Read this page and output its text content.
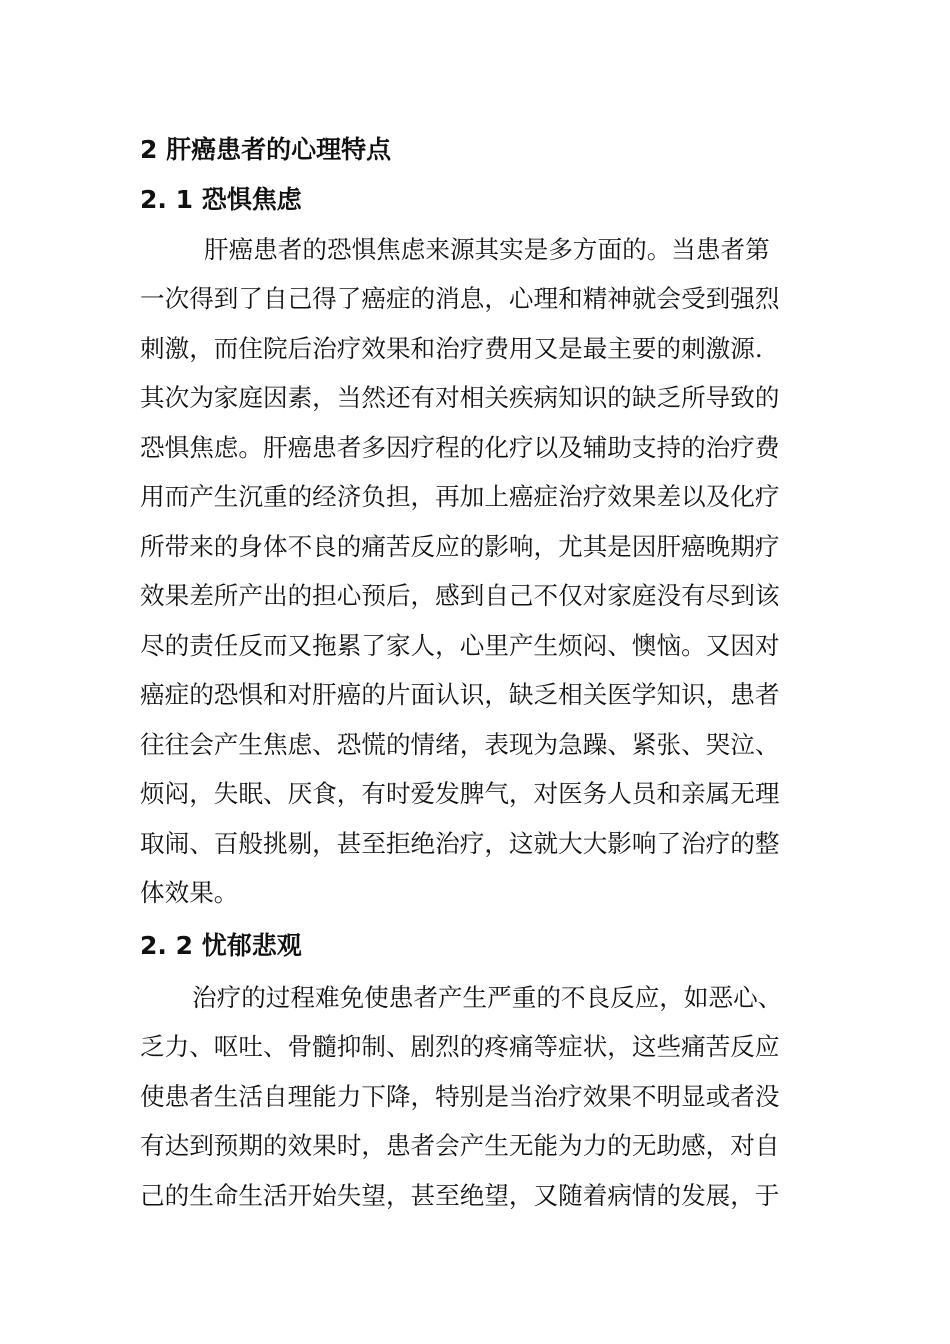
2 肝癌患者的心理特点
2. 1 恐惧焦虑
肝癌患者的恐惧焦虑来源其实是多方面的。当患者第
一次得到了自己得了癌症的消息，心理和精神就会受到强烈
刺激，而住院后治疗效果和治疗费用又是最主要的刺激源.
其次为家庭因素，当然还有对相关疾病知识的缺乏所导致的
恐惧焦虑。肝癌患者多因疗程的化疗以及辅助支持的治疗费
用而产生沉重的经济负担，再加上癌症治疗效果差以及化疗
所带来的身体不良的痛苦反应的影响，尤其是因肝癌晚期疗
效果差所产出的担心预后，感到自己不仅对家庭没有尽到该
尽的责任反而又拖累了家人，心里产生烦闷、懊恼。又因对
癌症的恐惧和对肝癌的片面认识，缺乏相关医学知识，患者
往往会产生焦虑、恐慌的情绪，表现为急躁、紧张、哭泣、
烦闷，失眠、厌食，有时爱发脾气，对医务人员和亲属无理
取闹、百般挑剔，甚至拒绝治疗，这就大大影响了治疗的整
体效果。
2. 2 忧郁悲观
治疗的过程难免使患者产生严重的不良反应，如恶心、
乏力、呕吐、骨髓抑制、剧烈的疼痛等症状，这些痛苦反应
使患者生活自理能力下降，特别是当治疗效果不明显或者没
有达到预期的效果时，患者会产生无能为力的无助感，对自
己的生命生活开始失望，甚至绝望，又随着病情的发展，于
